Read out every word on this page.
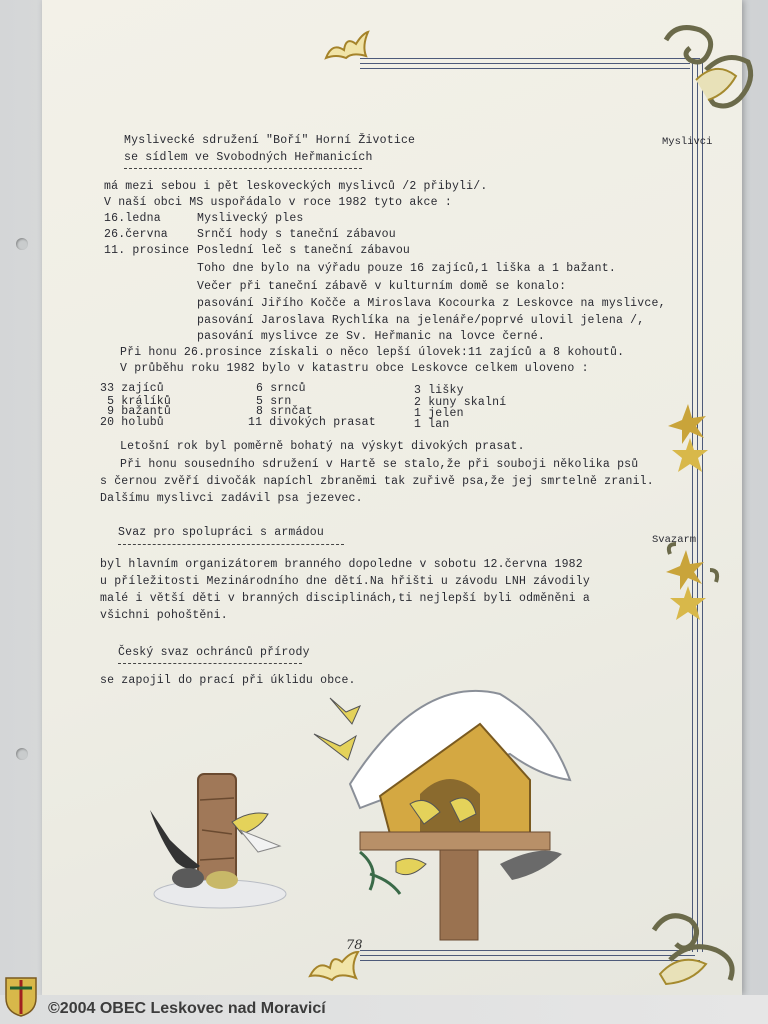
Myslivci
Svazarm
Myslivecké sdružení "Boří" Horní Životice
se sídlem ve Svobodných Heřmanicích
má mezi sebou i pět leskoveckých myslivců /2 přibyli/.
V naší obci MS uspořádalo v roce 1982 tyto akce :
16.ledna	Myslivecký ples
26.června	Srnčí hody s taneční zábavou
11. prosince Poslední leč s taneční zábavou
Toho dne bylo na výřadu pouze 16 zajíců,1 liška a 1 bažant.
Večer při taneční zábavě v kulturním domě se konalo:
pasování Jiřího Kočče a Miroslava Kocourka z Leskovce na myslivce,
pasování Jaroslava Rychlíka na jelenáře/poprvé ulovil jelena /,
pasování myslivce ze Sv. Heřmanic na lovce černé.
Při honu 26.prosince získali o něco lepší úlovek:11 zajíců a 8 kohoutů.
V průběhu roku 1982 bylo v katastru obce Leskovce celkem uloveno :
33 zajíců
5 králíků
9 bažantů
20 holubů
6 srnců
5 srn
8 srnčat
11 divokých prasat
3 lišky
2 kuny skalní
1 jelen
1 lan
Letošní rok byl poměrně bohatý na výskyt divokých prasat.
Při honu sousedního sdružení v Hartě se stalo,že při souboji několika psů
s černou zvěří divočák napíchl zbraněmi tak zuřivě psa,že jej smrtelně zranil.
Dalšímu myslivci zadávil psa jezevec.
Svaz pro spolupráci s armádou
byl hlavním organizátorem branného dopoledne v sobotu 12.června 1982
u příležitosti Mezinárodního dne dětí.Na hřišti u závodu LNH závodily
malé i větší děti v branných disciplinách,ti nejlepší byli odměněni a
všichni pohoštěni.
Český svaz ochránců přírody
se zapojil do prací při úklidu obce.
78
©2004 OBEC Leskovec nad Moravicí
